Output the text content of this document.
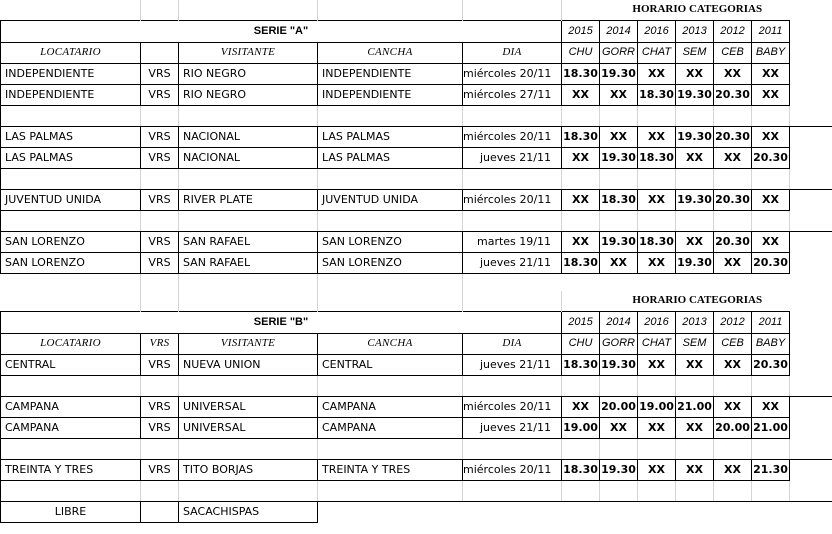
					HORARIO CATEGORIAS						
SERIE "A"					2015	2014	2016	2013	2012	2011	
LOCATARIO		VISITANTE	CANCHA	DIA	CHU	GORR	CHAT	SEM	CEB	BABY	
INDEPENDIENTE	VRS	RIO NEGRO	INDEPENDIENTE	miércoles 20/11	18.30	19.30	XX	XX	XX	XX	
INDEPENDIENTE	VRS	RIO NEGRO	INDEPENDIENTE	miércoles 27/11	XX	XX	18.30	19.30	20.30	XX	

LAS PALMAS	VRS	NACIONAL	LAS PALMAS	miércoles 20/11	18.30	XX	XX	19.30	20.30	XX	
LAS PALMAS	VRS	NACIONAL	LAS PALMAS	jueves 21/11	XX	19.30	18.30	XX	XX	20.30	

JUVENTUD UNIDA	VRS	RIVER PLATE	JUVENTUD UNIDA	miércoles 20/11	XX	18.30	XX	19.30	20.30	XX	

SAN LORENZO	VRS	SAN RAFAEL	SAN LORENZO	martes 19/11	XX	19.30	18.30	XX	20.30	XX	
SAN LORENZO	VRS	SAN RAFAEL	SAN LORENZO	jueves 21/11	18.30	XX	XX	19.30	XX	20.30	

					HORARIO CATEGORIAS						
SERIE "B"					2015	2014	2016	2013	2012	2011	
LOCATARIO	VRS	VISITANTE	CANCHA	DIA	CHU	GORR	CHAT	SEM	CEB	BABY	
CENTRAL	VRS	NUEVA UNION	CENTRAL	jueves 21/11	18.30	19.30	XX	XX	XX	20.30	

CAMPANA	VRS	UNIVERSAL	CAMPANA	miércoles 20/11	XX	20.00	19.00	21.00	XX	XX	
CAMPANA	VRS	UNIVERSAL	CAMPANA	jueves 21/11	19.00	XX	XX	XX	20.00	21.00	

TREINTA Y TRES	VRS	TITO BORJAS	TREINTA Y TRES	miércoles 20/11	18.30	19.30	XX	XX	XX	21.30	

LIBRE		SACACHISPAS									
